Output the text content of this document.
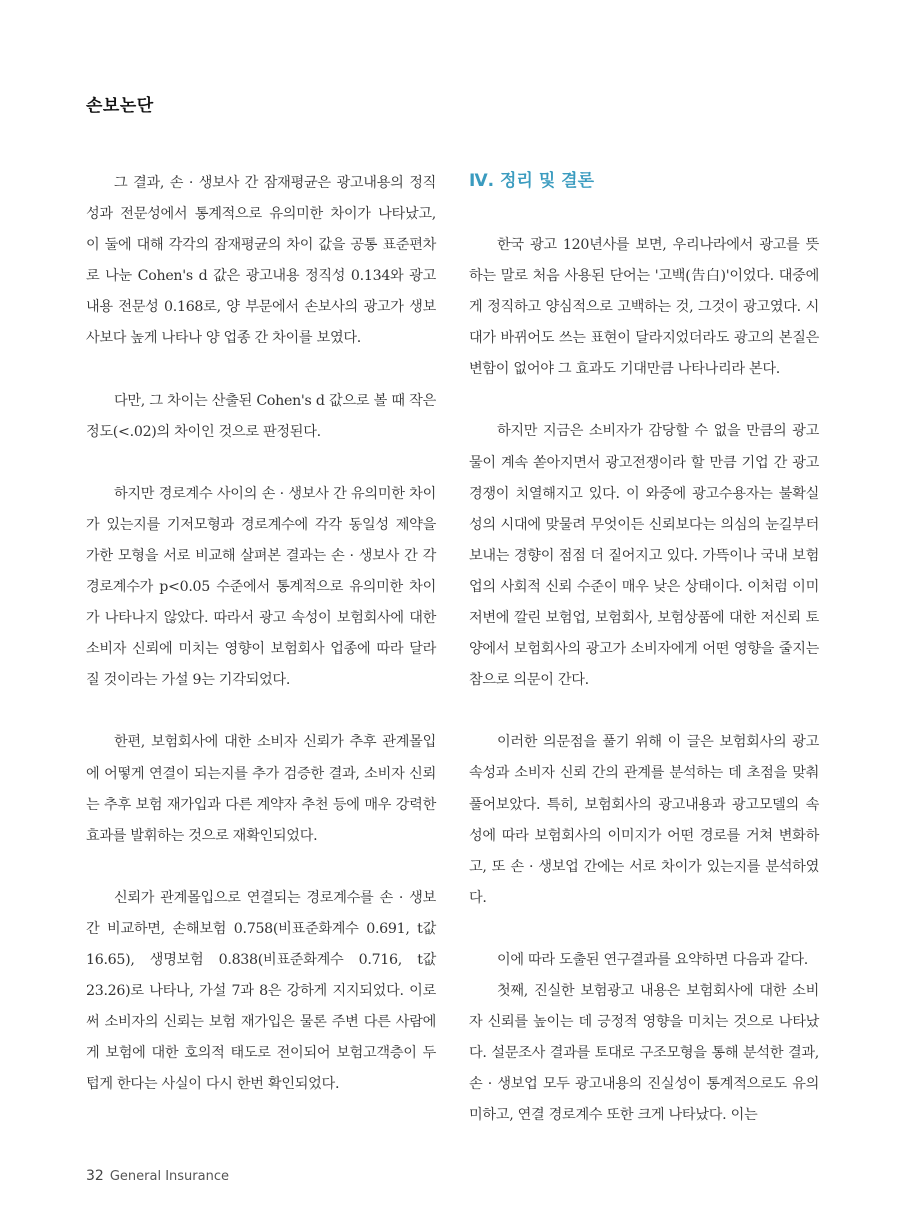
손보논단

그 결과, 손 · 생보사 간 잠재평균은 광고내용의 정직성과 전문성에서 통계적으로 유의미한 차이가 나타났고, 이 둘에 대해 각각의 잠재평균의 차이 값을 공통 표준편차로 나눈 Cohen's d 값은 광고내용 정직성 0.134와 광고내용 전문성 0.168로, 양 부문에서 손보사의 광고가 생보사보다 높게 나타나 양 업종 간 차이를 보였다.

다만, 그 차이는 산출된 Cohen's d 값으로 볼 때 작은 정도(<.02)의 차이인 것으로 판정된다.

하지만 경로계수 사이의 손 · 생보사 간 유의미한 차이가 있는지를 기저모형과 경로계수에 각각 동일성 제약을 가한 모형을 서로 비교해 살펴본 결과는 손 · 생보사 간 각 경로계수가 p<0.05 수준에서 통계적으로 유의미한 차이가 나타나지 않았다. 따라서 광고 속성이 보험회사에 대한 소비자 신뢰에 미치는 영향이 보험회사 업종에 따라 달라질 것이라는 가설 9는 기각되었다.

한편, 보험회사에 대한 소비자 신뢰가 추후 관계몰입에 어떻게 연결이 되는지를 추가 검증한 결과, 소비자 신뢰는 추후 보험 재가입과 다른 계약자 추천 등에 매우 강력한 효과를 발휘하는 것으로 재확인되었다.

신뢰가 관계몰입으로 연결되는 경로계수를 손 · 생보 간 비교하면, 손해보험 0.758(비표준화계수 0.691, t값 16.65), 생명보험 0.838(비표준화계수 0.716, t값 23.26)로 나타나, 가설 7과 8은 강하게 지지되었다. 이로써 소비자의 신뢰는 보험 재가입은 물론 주변 다른 사람에게 보험에 대한 호의적 태도로 전이되어 보험고객층이 두텁게 한다는 사실이 다시 한번 확인되었다.

Ⅳ. 정리 및 결론

한국 광고 120년사를 보면, 우리나라에서 광고를 뜻하는 말로 처음 사용된 단어는 '고백(告白)'이었다. 대중에게 정직하고 양심적으로 고백하는 것, 그것이 광고였다. 시대가 바뀌어도 쓰는 표현이 달라지었더라도 광고의 본질은 변함이 없어야 그 효과도 기대만큼 나타나리라 본다.

하지만 지금은 소비자가 감당할 수 없을 만큼의 광고물이 계속 쏟아지면서 광고전쟁이라 할 만큼 기업 간 광고 경쟁이 치열해지고 있다. 이 와중에 광고수용자는 불확실성의 시대에 맞물려 무엇이든 신뢰보다는 의심의 눈길부터 보내는 경향이 점점 더 짙어지고 있다. 가뜩이나 국내 보험업의 사회적 신뢰 수준이 매우 낮은 상태이다. 이처럼 이미 저변에 깔린 보험업, 보험회사, 보험상품에 대한 저신뢰 토양에서 보험회사의 광고가 소비자에게 어떤 영향을 줄지는 참으로 의문이 간다.

이러한 의문점을 풀기 위해 이 글은 보험회사의 광고 속성과 소비자 신뢰 간의 관계를 분석하는 데 초점을 맞춰 풀어보았다. 특히, 보험회사의 광고내용과 광고모델의 속성에 따라 보험회사의 이미지가 어떤 경로를 거쳐 변화하고, 또 손 · 생보업 간에는 서로 차이가 있는지를 분석하였다.

이에 따라 도출된 연구결과를 요약하면 다음과 같다.

첫째, 진실한 보험광고 내용은 보험회사에 대한 소비자 신뢰를 높이는 데 긍정적 영향을 미치는 것으로 나타났다. 설문조사 결과를 토대로 구조모형을 통해 분석한 결과, 손 · 생보업 모두 광고내용의 진실성이 통계적으로도 유의미하고, 연결 경로계수 또한 크게 나타났다. 이는

32 General Insurance
